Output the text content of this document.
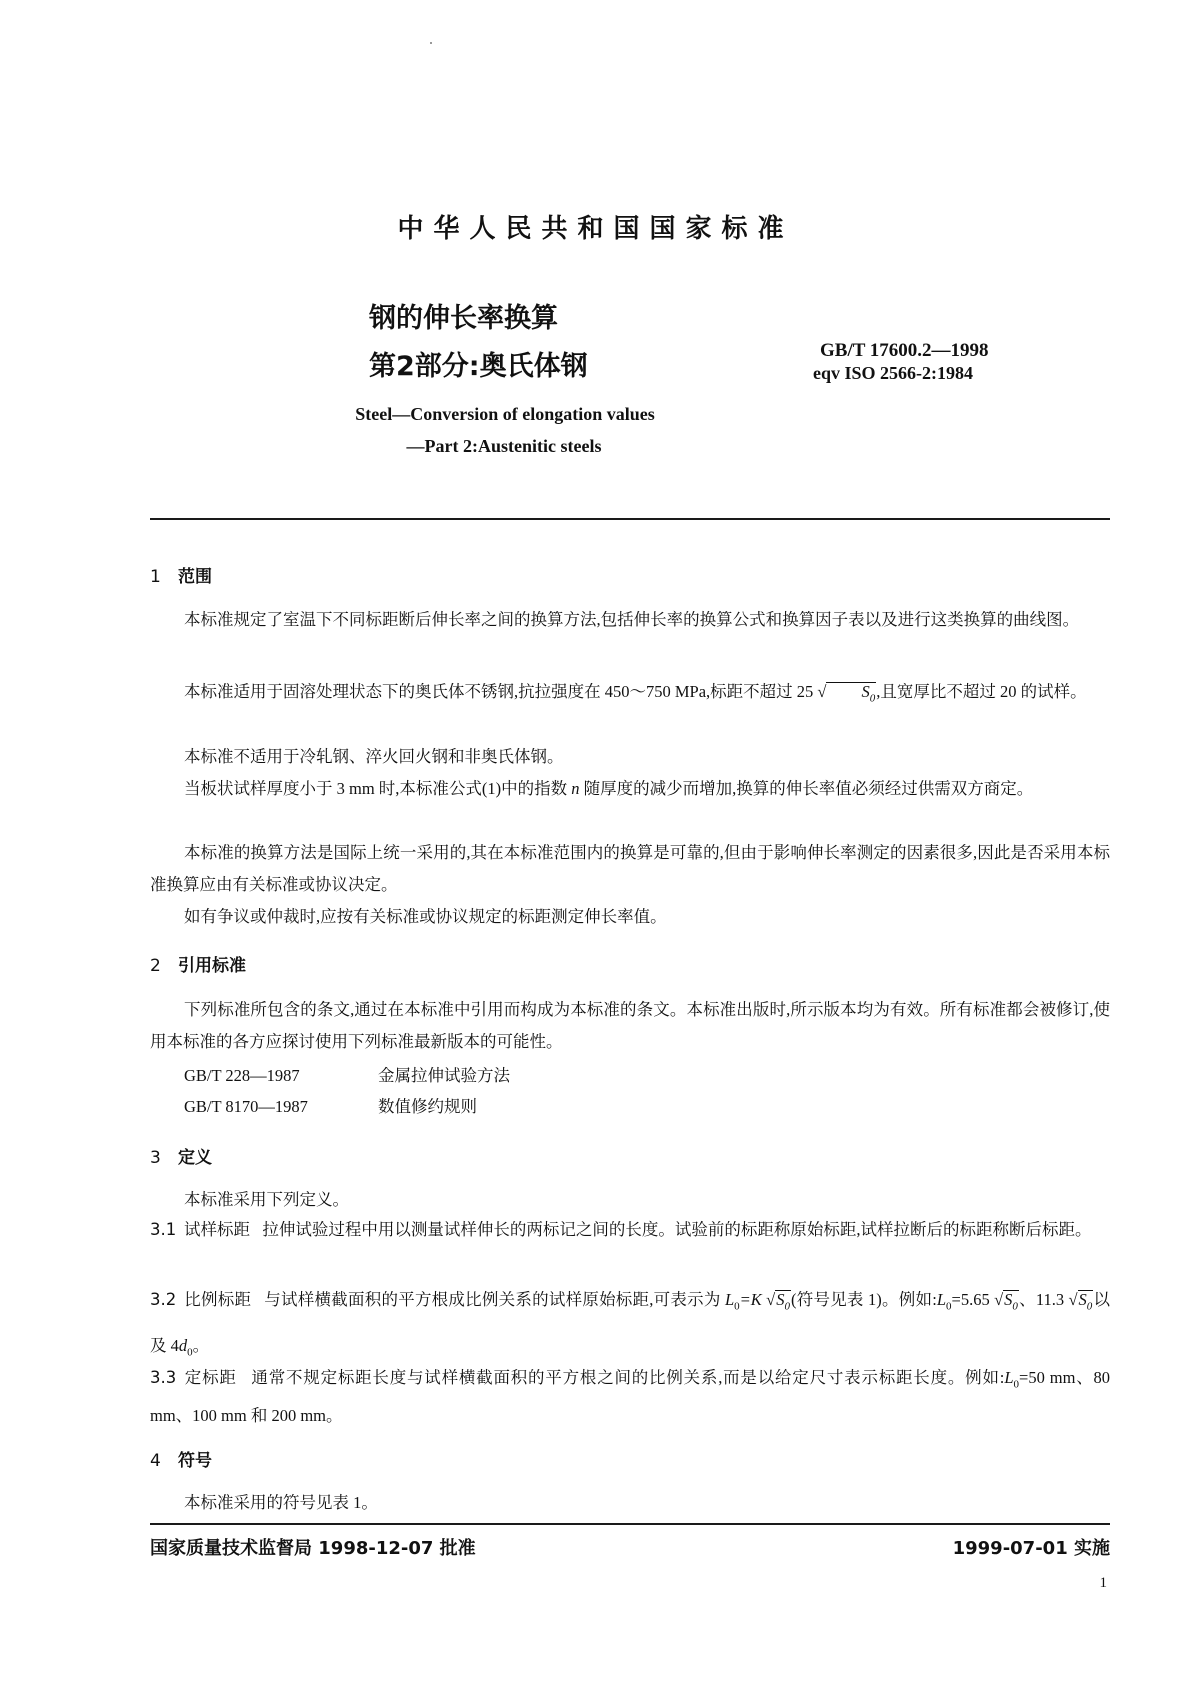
中华人民共和国国家标准
钢的伸长率换算
第2部分:奥氏体钢
GB/T 17600.2—1998
eqv ISO 2566-2:1984
Steel—Conversion of elongation values
—Part 2:Austenitic steels
1 范围

本标准规定了室温下不同标距断后伸长率之间的换算方法,包括伸长率的换算公式和换算因子表以及进行这类换算的曲线图。

本标准适用于固溶处理状态下的奥氏体不锈钢,抗拉强度在 450～750 MPa,标距不超过 25 √ $S_0$,且宽厚比不超过 20 的试样。

本标准不适用于冷轧钢、淬火回火钢和非奥氏体钢。

当板状试样厚度小于 3 mm 时,本标准公式(1)中的指数 n 随厚度的减少而增加,换算的伸长率值必须经过供需双方商定。

本标准的换算方法是国际上统一采用的,其在本标准范围内的换算是可靠的,但由于影响伸长率测定的因素很多,因此是否采用本标准换算应由有关标准或协议决定。

如有争议或仲裁时,应按有关标准或协议规定的标距测定伸长率值。

2 引用标准

下列标准所包含的条文,通过在本标准中引用而构成为本标准的条文。本标准出版时,所示版本均为有效。所有标准都会被修订,使用本标准的各方应探讨使用下列标准最新版本的可能性。

GB/T 228—1987	金属拉伸试验方法

GB/T 8170—1987	数值修约规则

3 定义

本标准采用下列定义。

3.1 试样标距 拉伸试验过程中用以测量试样伸长的两标记之间的长度。试验前的标距称原始标距,试样拉断后的标距称断后标距。

3.2 比例标距 与试样横截面积的平方根成比例关系的试样原始标距,可表示为 $L_0=K$ $√S_0$(符号见表 1)。例如$:L_0=5.65$ $√S_0$、11.3 $√S_0$以及 $4d_0$。

3.3 定标距 通常不规定标距长度与试样横截面积的平方根之间的比例关系,而是以给定尺寸表示标距长度。例如$:L_0=50$ mm、80 mm、100 mm 和 200 mm。

4 符号

本标准采用的符号见表 1。

国家质量技术监督局 1998-12-07 批准	1999-07-01 实施
1
